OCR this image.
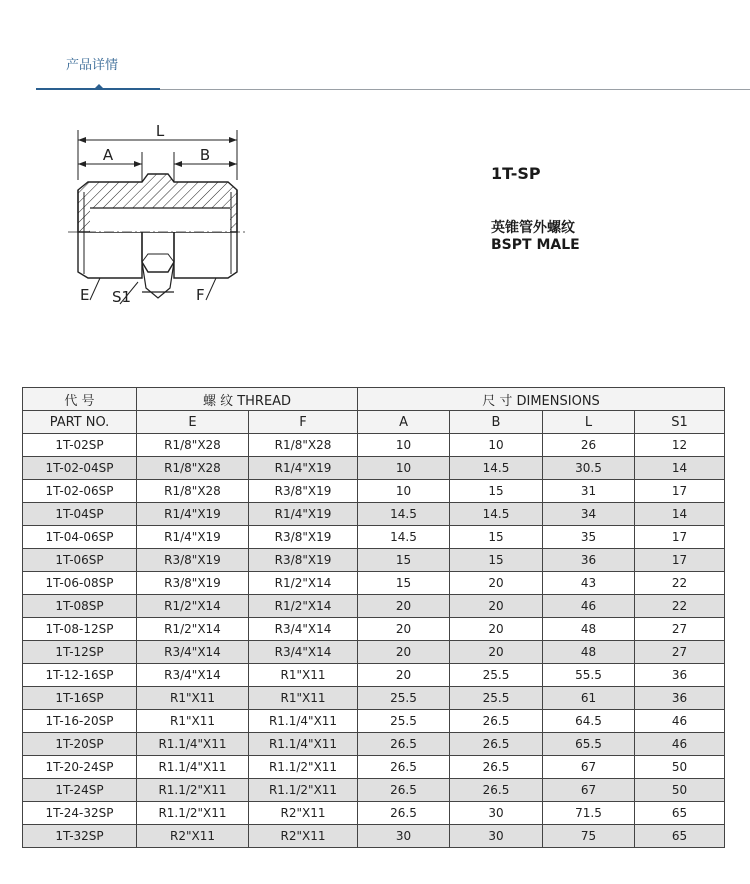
产品详情
L
A	B
E S1	F
1T-SP
英锥管外螺纹
BSPT MALE
代 号	螺 纹 THREAD		尺 寸 DIMENSIONS			
PART NO.	E	F	A	B	L	S1
1T-02SP	R1/8"X28	R1/8"X28	10	10	26	12
1T-02-04SP	R1/8"X28	R1/4"X19	10	14.5	30.5	14
1T-02-06SP	R1/8"X28	R3/8"X19	10	15	31	17
1T-04SP	R1/4"X19	R1/4"X19	14.5	14.5	34	14
1T-04-06SP	R1/4"X19	R3/8"X19	14.5	15	35	17
1T-06SP	R3/8"X19	R3/8"X19	15	15	36	17
1T-06-08SP	R3/8"X19	R1/2"X14	15	20	43	22
1T-08SP	R1/2"X14	R1/2"X14	20	20	46	22
1T-08-12SP	R1/2"X14	R3/4"X14	20	20	48	27
1T-12SP	R3/4"X14	R3/4"X14	20	20	48	27
1T-12-16SP	R3/4"X14	R1"X11	20	25.5	55.5	36
1T-16SP	R1"X11	R1"X11	25.5	25.5	61	36
1T-16-20SP	R1"X11	R1.1/4"X11	25.5	26.5	64.5	46
1T-20SP	R1.1/4"X11	R1.1/4"X11	26.5	26.5	65.5	46
1T-20-24SP	R1.1/4"X11	R1.1/2"X11	26.5	26.5	67	50
1T-24SP	R1.1/2"X11	R1.1/2"X11	26.5	26.5	67	50
1T-24-32SP	R1.1/2"X11	R2"X11	26.5	30	71.5	65
1T-32SP	R2"X11	R2"X11	30	30	75	65
